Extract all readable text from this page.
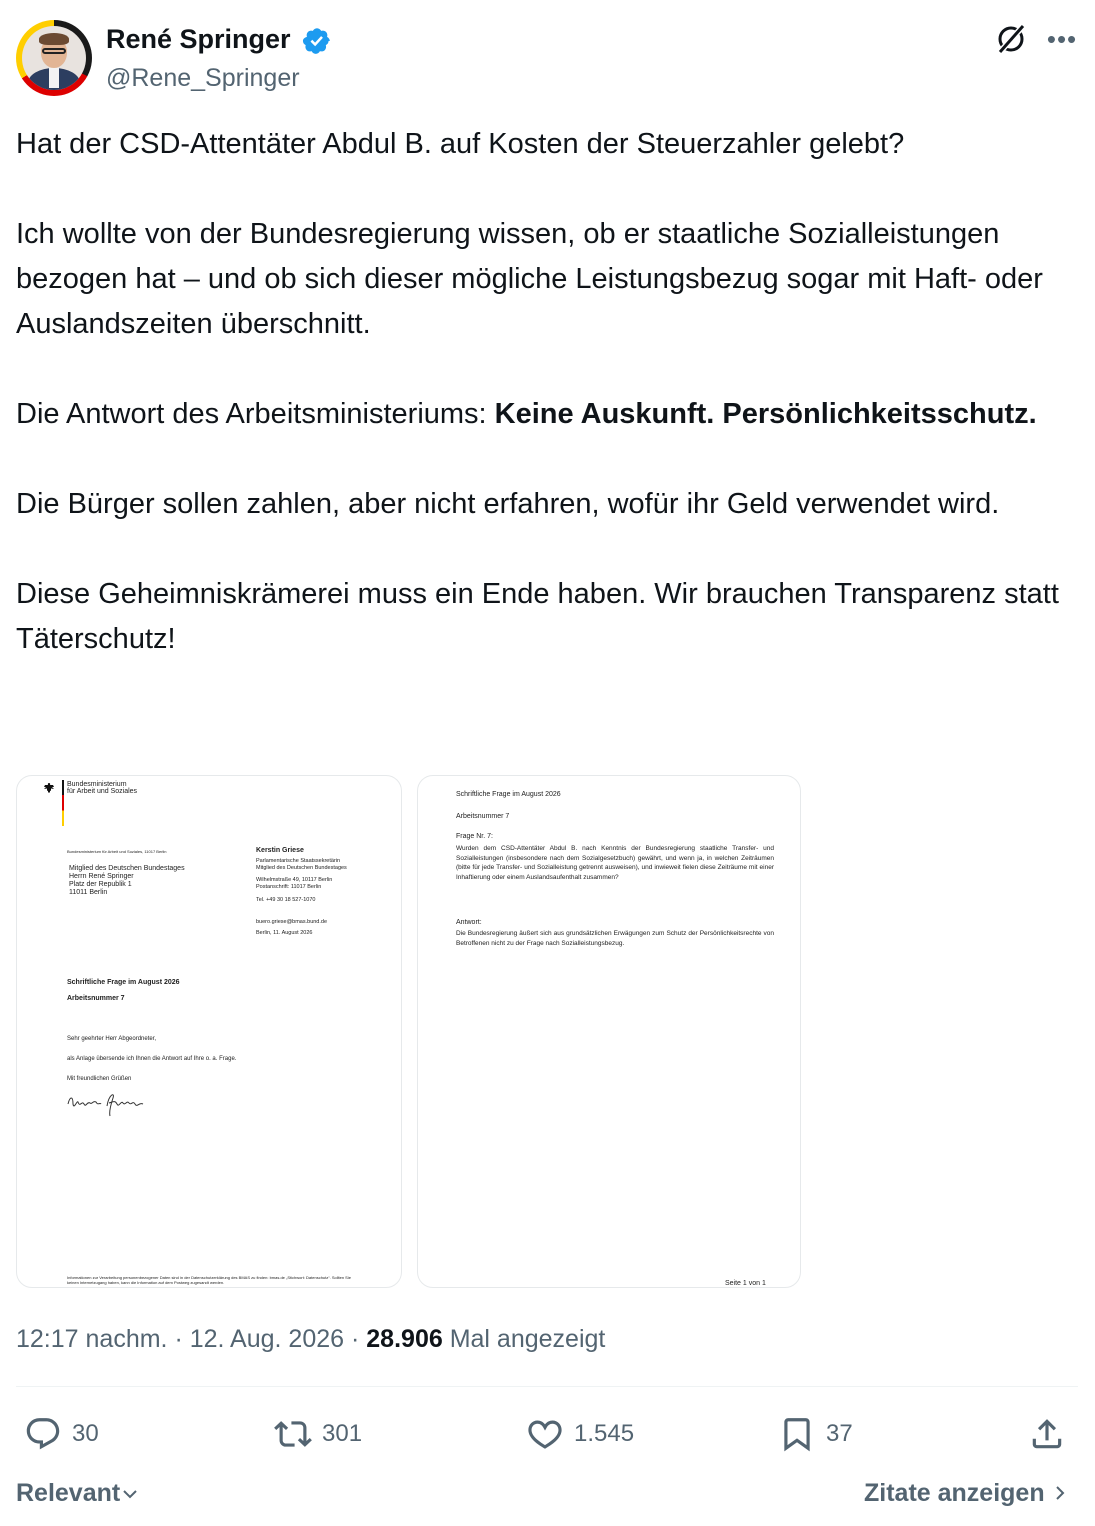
René Springer
@Rene_Springer
•••

Hat der CSD-Attentäter Abdul B. auf Kosten der Steuerzahler gelebt?

Ich wollte von der Bundesregierung wissen, ob er staatliche Sozialleistungen bezogen hat – und ob sich dieser mögliche Leistungsbezug sogar mit Haft- oder Auslandszeiten überschnitt.

Die Antwort des Arbeitsministeriums: Keine Auskunft. Persönlichkeitsschutz.

Die Bürger sollen zahlen, aber nicht erfahren, wofür ihr Geld verwendet wird.

Diese Geheimniskrämerei muss ein Ende haben. Wir brauchen Transparenz statt Täterschutz!

Bundesministerium
für Arbeit und Soziales
Bundesministerium für Arbeit und Soziales, 11017 Berlin
Mitglied des Deutschen Bundestages
Herrn René Springer
Platz der Republik 1
11011 Berlin
Kerstin Griese
Parlamentarische Staatssekretärin
Mitglied des Deutschen Bundestages
Wilhelmstraße 49, 10117 Berlin
Postanschrift: 11017 Berlin
Tel. +49 30 18 527-1070
buero.griese@bmas.bund.de
Berlin, 11. August 2026
Schriftliche Frage im August 2026
Arbeitsnummer 7
Sehr geehrter Herr Abgeordneter,
als Anlage übersende ich Ihnen die Antwort auf Ihre o. a. Frage.
Mit freundlichen Grüßen
Informationen zur Verarbeitung personenbezogener Daten sind in der Datenschutzerklärung des BMAS zu finden: bmas.de „Stichwort: Datenschutz“. Sollten Sie keinen Internetzugang haben, kann die Information auf dem Postweg zugesandt werden.
Schriftliche Frage im August 2026
Arbeitsnummer 7
Frage Nr. 7:
Wurden dem CSD-Attentäter Abdul B. nach Kenntnis der Bundesregierung staatliche Transfer- und Sozialleistungen (insbesondere nach dem Sozialgesetzbuch) gewährt, und wenn ja, in welchen Zeiträumen (bitte für jede Transfer- und Sozialleistung getrennt ausweisen), und inwieweit fielen diese Zeiträume mit einer Inhaftierung oder einem Auslandsaufenthalt zusammen?
Antwort:
Die Bundesregierung äußert sich aus grundsätzlichen Erwägungen zum Schutz der Persönlichkeitsrechte von Betroffenen nicht zu der Frage nach Sozialleistungsbezug.
Seite 1 von 1
12:17 nachm. · 12. Aug. 2026 · 28.906 Mal angezeigt
30	301	1.545	37
Relevant	Zitate anzeigen
